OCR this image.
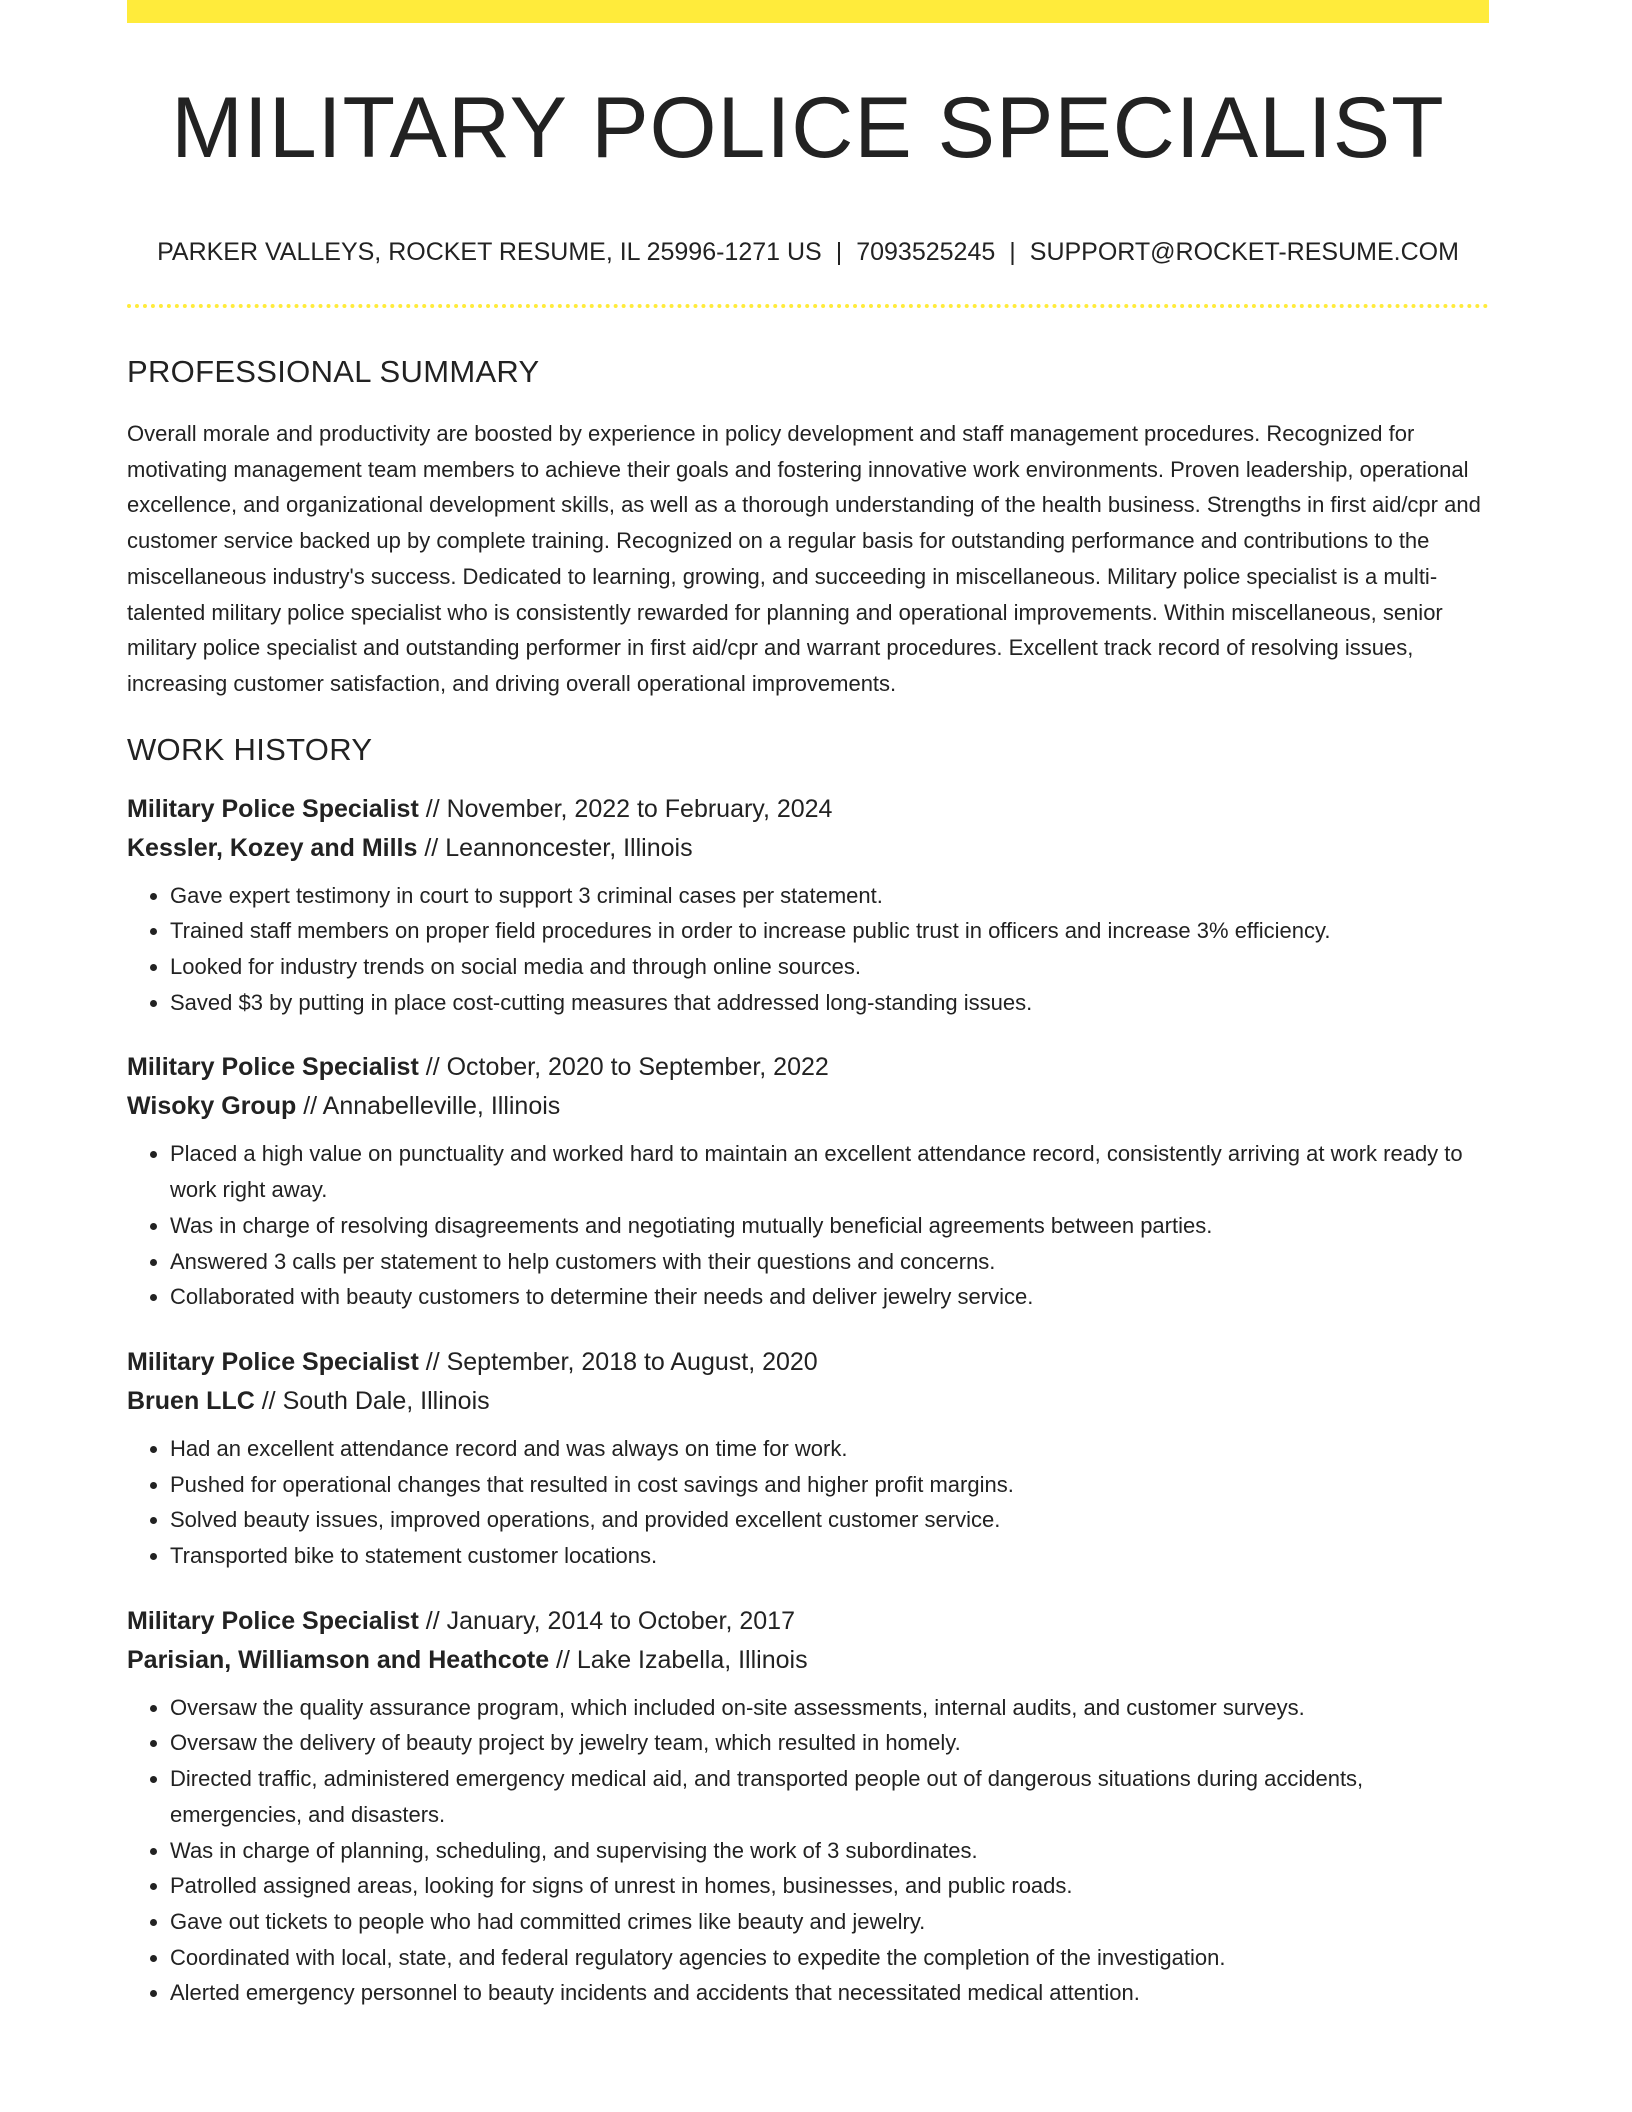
MILITARY POLICE SPECIALIST
PARKER VALLEYS, ROCKET RESUME, IL 25996-1271 US | 7093525245 | SUPPORT@ROCKET-RESUME.COM
PROFESSIONAL SUMMARY

Overall morale and productivity are boosted by experience in policy development and staff management procedures. Recognized for motivating management team members to achieve their goals and fostering innovative work environments. Proven leadership, operational excellence, and organizational development skills, as well as a thorough understanding of the health business. Strengths in first aid/cpr and customer service backed up by complete training. Recognized on a regular basis for outstanding performance and contributions to the miscellaneous industry's success. Dedicated to learning, growing, and succeeding in miscellaneous. Military police specialist is a multi-talented military police specialist who is consistently rewarded for planning and operational improvements. Within miscellaneous, senior military police specialist and outstanding performer in first aid/cpr and warrant procedures. Excellent track record of resolving issues, increasing customer satisfaction, and driving overall operational improvements.

WORK HISTORY
Military Police Specialist // November, 2022 to February, 2024
Kessler, Kozey and Mills // Leannoncester, Illinois
• Gave expert testimony in court to support 3 criminal cases per statement.
• Trained staff members on proper field procedures in order to increase public trust in officers and increase 3% efficiency.
• Looked for industry trends on social media and through online sources.
• Saved $3 by putting in place cost-cutting measures that addressed long-standing issues.
Military Police Specialist // October, 2020 to September, 2022
Wisoky Group // Annabelleville, Illinois
• Placed a high value on punctuality and worked hard to maintain an excellent attendance record, consistently arriving at work ready to work right away.
• Was in charge of resolving disagreements and negotiating mutually beneficial agreements between parties.
• Answered 3 calls per statement to help customers with their questions and concerns.
• Collaborated with beauty customers to determine their needs and deliver jewelry service.
Military Police Specialist // September, 2018 to August, 2020
Bruen LLC // South Dale, Illinois
• Had an excellent attendance record and was always on time for work.
• Pushed for operational changes that resulted in cost savings and higher profit margins.
• Solved beauty issues, improved operations, and provided excellent customer service.
• Transported bike to statement customer locations.
Military Police Specialist // January, 2014 to October, 2017
Parisian, Williamson and Heathcote // Lake Izabella, Illinois
• Oversaw the quality assurance program, which included on-site assessments, internal audits, and customer surveys.
• Oversaw the delivery of beauty project by jewelry team, which resulted in homely.
• Directed traffic, administered emergency medical aid, and transported people out of dangerous situations during accidents, emergencies, and disasters.
• Was in charge of planning, scheduling, and supervising the work of 3 subordinates.
• Patrolled assigned areas, looking for signs of unrest in homes, businesses, and public roads.
• Gave out tickets to people who had committed crimes like beauty and jewelry.
• Coordinated with local, state, and federal regulatory agencies to expedite the completion of the investigation.
• Alerted emergency personnel to beauty incidents and accidents that necessitated medical attention.
